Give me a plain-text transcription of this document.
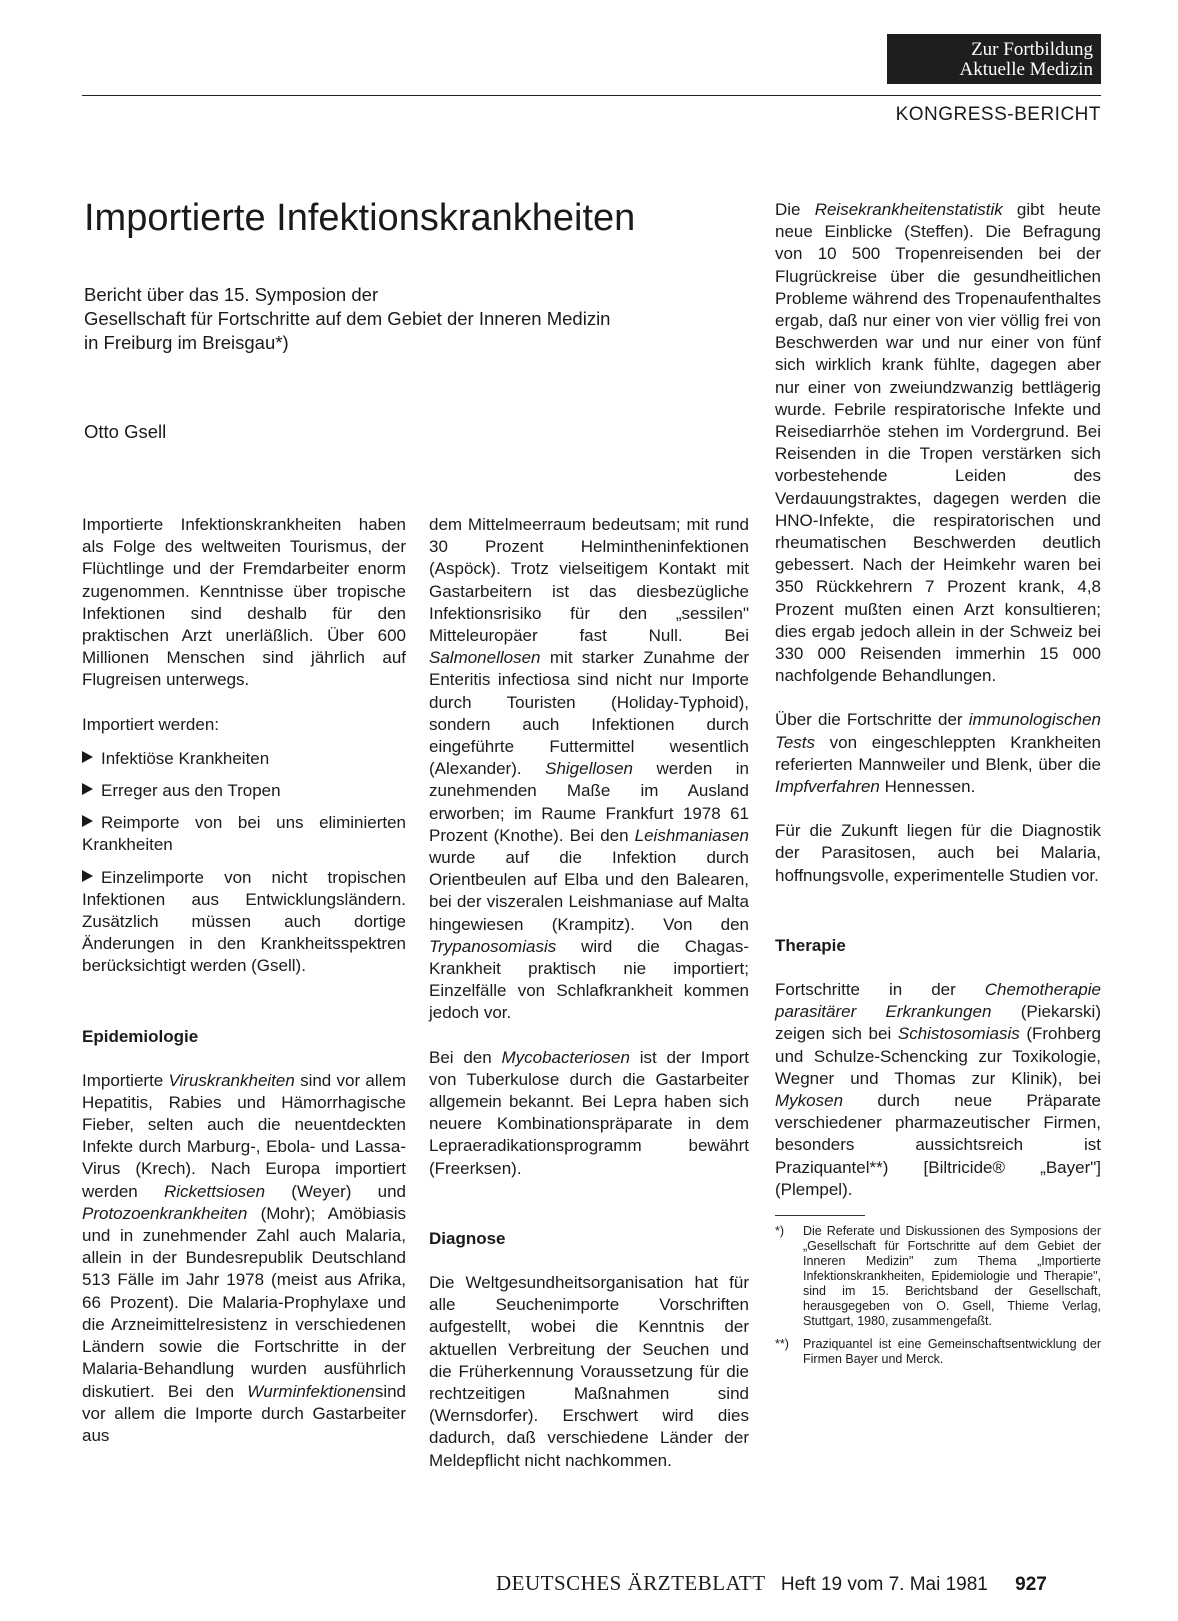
Zur Fortbildung
Aktuelle Medizin
KONGRESS-BERICHT
Importierte Infektionskrankheiten
Bericht über das 15. Symposion der
Gesellschaft für Fortschritte auf dem Gebiet der Inneren Medizin
in Freiburg im Breisgau*)
Otto Gsell

Importierte Infektionskrankheiten haben als Folge des weltweiten Tourismus, der Flüchtlinge und der Fremdarbeiter enorm zugenommen. Kenntnisse über tropische Infektionen sind deshalb für den praktischen Arzt unerläßlich. Über 600 Millionen Menschen sind jährlich auf Flugreisen unterwegs.

Importiert werden:

Infektiöse Krankheiten
Erreger aus den Tropen
Reimporte von bei uns eliminierten Krankheiten
Einzelimporte von nicht tropischen Infektionen aus Entwicklungsländern. Zusätzlich müssen auch dortige Änderungen in den Krankheitsspektren berücksichtigt werden (Gsell).
Epidemiologie

Importierte Viruskrankheiten sind vor allem Hepatitis, Rabies und Hämorrhagische Fieber, selten auch die neuentdeckten Infekte durch Marburg-, Ebola- und Lassa-Virus (Krech). Nach Europa importiert werden Rickettsiosen (Weyer) und Protozoenkrankheiten (Mohr); Amöbiasis und in zunehmender Zahl auch Malaria, allein in der Bundesrepublik Deutschland 513 Fälle im Jahr 1978 (meist aus Afrika, 66 Prozent). Die Malaria-Prophylaxe und die Arzneimittelresistenz in verschiedenen Ländern sowie die Fortschritte in der Malaria-Behandlung wurden ausführlich diskutiert. Bei den Wurminfektionensind vor allem die Importe durch Gastarbeiter aus

dem Mittelmeerraum bedeutsam; mit rund 30 Prozent Helmintheninfektionen (Aspöck). Trotz vielseitigem Kontakt mit Gastarbeitern ist das diesbezügliche Infektionsrisiko für den „sessilen" Mitteleuropäer fast Null. Bei Salmonellosen mit starker Zunahme der Enteritis infectiosa sind nicht nur Importe durch Touristen (Holiday-Typhoid), sondern auch Infektionen durch eingeführte Futtermittel wesentlich (Alexander). Shigellosen werden in zunehmenden Maße im Ausland erworben; im Raume Frankfurt 1978 61 Prozent (Knothe). Bei den Leishmaniasen wurde auf die Infektion durch Orientbeulen auf Elba und den Balearen, bei der viszeralen Leishmaniase auf Malta hingewiesen (Krampitz). Von den Trypanosomiasis wird die Chagas-Krankheit praktisch nie importiert; Einzelfälle von Schlafkrankheit kommen jedoch vor.

Bei den Mycobacteriosen ist der Import von Tuberkulose durch die Gastarbeiter allgemein bekannt. Bei Lepra haben sich neuere Kombinationspräparate in dem Lepraeradikationsprogramm bewährt (Freerksen).

Diagnose

Die Weltgesundheitsorganisation hat für alle Seuchenimporte Vorschriften aufgestellt, wobei die Kenntnis der aktuellen Verbreitung der Seuchen und die Früherkennung Voraussetzung für die rechtzeitigen Maßnahmen sind (Wernsdorfer). Erschwert wird dies dadurch, daß verschiedene Länder der Meldepflicht nicht nachkommen.

Die Reisekrankheitenstatistik gibt heute neue Einblicke (Steffen). Die Befragung von 10 500 Tropenreisenden bei der Flugrückreise über die gesundheitlichen Probleme während des Tropenaufenthaltes ergab, daß nur einer von vier völlig frei von Beschwerden war und nur einer von fünf sich wirklich krank fühlte, dagegen aber nur einer von zweiundzwanzig bettlägerig wurde. Febrile respiratorische Infekte und Reisediarrhöe stehen im Vordergrund. Bei Reisenden in die Tropen verstärken sich vorbestehende Leiden des Verdauungstraktes, dagegen werden die HNO-Infekte, die respiratorischen und rheumatischen Beschwerden deutlich gebessert. Nach der Heimkehr waren bei 350 Rückkehrern 7 Prozent krank, 4,8 Prozent mußten einen Arzt konsultieren; dies ergab jedoch allein in der Schweiz bei 330 000 Reisenden immerhin 15 000 nachfolgende Behandlungen.

Über die Fortschritte der immunologischen Tests von eingeschleppten Krankheiten referierten Mannweiler und Blenk, über die Impfverfahren Hennessen.

Für die Zukunft liegen für die Diagnostik der Parasitosen, auch bei Malaria, hoffnungsvolle, experimentelle Studien vor.

Therapie

Fortschritte in der Chemotherapie parasitärer Erkrankungen (Piekarski) zeigen sich bei Schistosomiasis (Frohberg und Schulze-Schencking zur Toxikologie, Wegner und Thomas zur Klinik), bei Mykosen durch neue Präparate verschiedener pharmazeutischer Firmen, besonders aussichtsreich ist Praziquantel**) [Biltricide® „Bayer"] (Plempel).

*)	Die Referate und Diskussionen des Symposions der „Gesellschaft für Fortschritte auf dem Gebiet der Inneren Medizin" zum Thema „Importierte Infektionskrankheiten, Epidemiologie und Therapie", sind im 15. Berichtsband der Gesellschaft, herausgegeben von O. Gsell, Thieme Verlag, Stuttgart, 1980, zusammengefaßt.
**)	Praziquantel ist eine Gemeinschaftsentwicklung der Firmen Bayer und Merck.
DEUTSCHES ÄRZTEBLATT Heft 19 vom 7. Mai 1981 927
